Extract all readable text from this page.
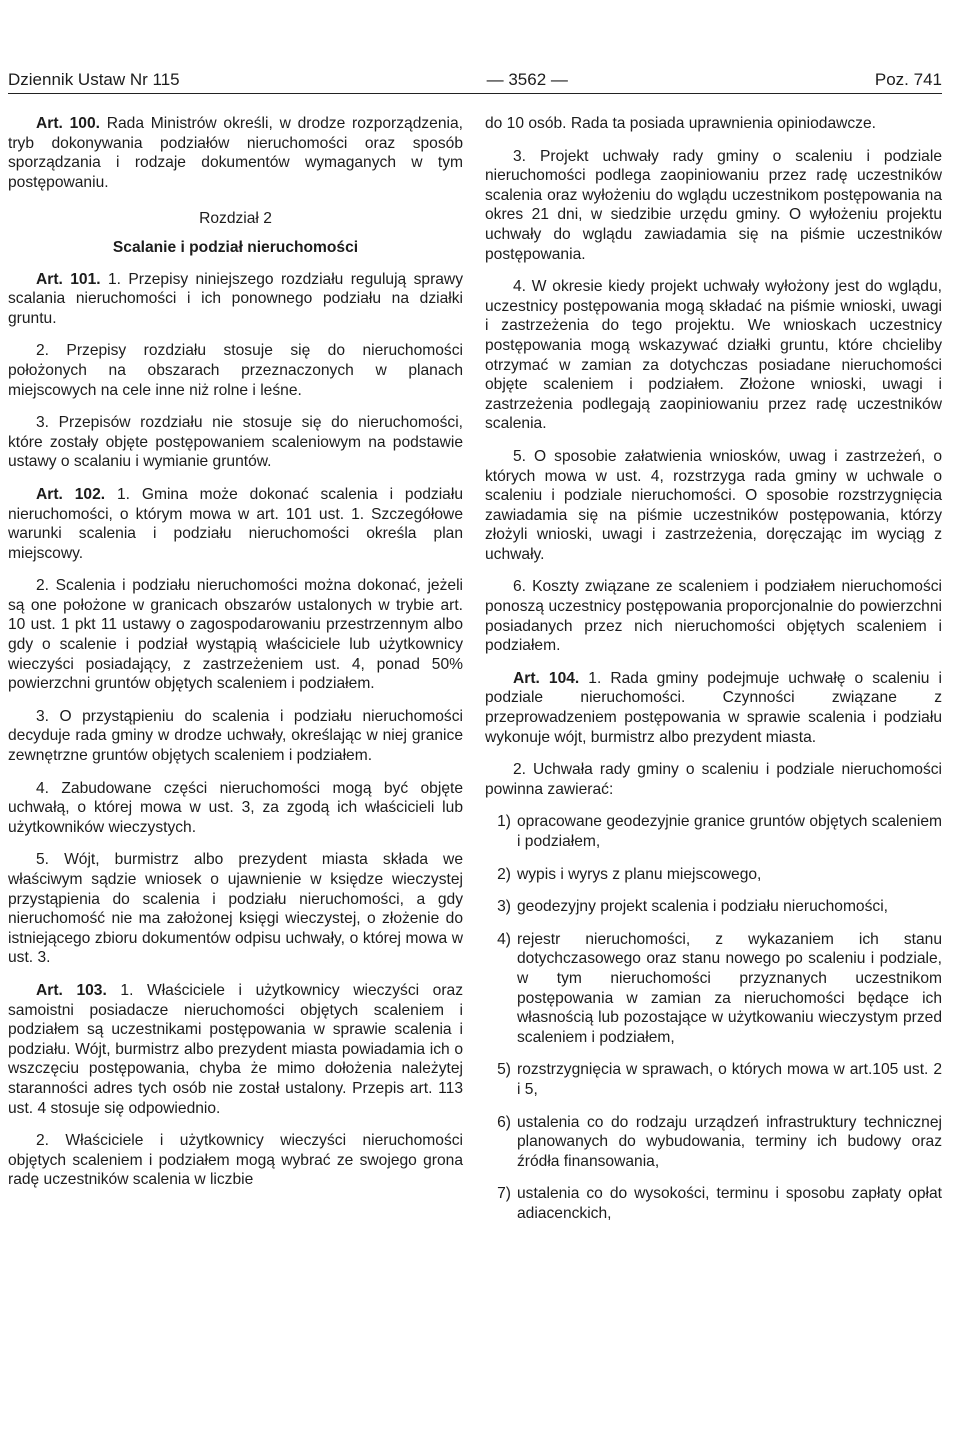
Dziennik Ustaw Nr 115	— 3562 —	Poz. 741

Art. 100. Rada Ministrów określi, w drodze rozporządzenia, tryb dokonywania podziałów nieruchomości oraz sposób sporządzania i rodzaje dokumentów wymaganych w tym postępowaniu.

Rozdział 2

Scalanie i podział nieruchomości

Art. 101. 1. Przepisy niniejszego rozdziału regulują sprawy scalania nieruchomości i ich ponownego podziału na działki gruntu.

2. Przepisy rozdziału stosuje się do nieruchomości położonych na obszarach przeznaczonych w planach miejscowych na cele inne niż rolne i leśne.

3. Przepisów rozdziału nie stosuje się do nieruchomości, które zostały objęte postępowaniem scaleniowym na podstawie ustawy o scalaniu i wymianie gruntów.

Art. 102. 1. Gmina może dokonać scalenia i podziału nieruchomości, o którym mowa w art. 101 ust. 1. Szczegółowe warunki scalenia i podziału nieruchomości określa plan miejscowy.

2. Scalenia i podziału nieruchomości można dokonać, jeżeli są one położone w granicach obszarów ustalonych w trybie art. 10 ust. 1 pkt 11 ustawy o zagospodarowaniu przestrzennym albo gdy o scalenie i podział wystąpią właściciele lub użytkownicy wieczyści posiadający, z zastrzeżeniem ust. 4, ponad 50% powierzchni gruntów objętych scaleniem i podziałem.

3. O przystąpieniu do scalenia i podziału nieruchomości decyduje rada gminy w drodze uchwały, określając w niej granice zewnętrzne gruntów objętych scaleniem i podziałem.

4. Zabudowane części nieruchomości mogą być objęte uchwałą, o której mowa w ust. 3, za zgodą ich właścicieli lub użytkowników wieczystych.

5. Wójt, burmistrz albo prezydent miasta składa we właściwym sądzie wniosek o ujawnienie w księdze wieczystej przystąpienia do scalenia i podziału nieruchomości, a gdy nieruchomość nie ma założonej księgi wieczystej, o złożenie do istniejącego zbioru dokumentów odpisu uchwały, o której mowa w ust. 3.

Art. 103. 1. Właściciele i użytkownicy wieczyści oraz samoistni posiadacze nieruchomości objętych scaleniem i podziałem są uczestnikami postępowania w sprawie scalenia i podziału. Wójt, burmistrz albo prezydent miasta powiadamia ich o wszczęciu postępowania, chyba że mimo dołożenia należytej staranności adres tych osób nie został ustalony. Przepis art. 113 ust. 4 stosuje się odpowiednio.

2. Właściciele i użytkownicy wieczyści nieruchomości objętych scaleniem i podziałem mogą wybrać ze swojego grona radę uczestników scalenia w liczbie

do 10 osób. Rada ta posiada uprawnienia opiniodawcze.

3. Projekt uchwały rady gminy o scaleniu i podziale nieruchomości podlega zaopiniowaniu przez radę uczestników scalenia oraz wyłożeniu do wglądu uczestnikom postępowania na okres 21 dni, w siedzibie urzędu gminy. O wyłożeniu projektu uchwały do wglądu zawiadamia się na piśmie uczestników postępowania.

4. W okresie kiedy projekt uchwały wyłożony jest do wglądu, uczestnicy postępowania mogą składać na piśmie wnioski, uwagi i zastrzeżenia do tego projektu. We wnioskach uczestnicy postępowania mogą wskazywać działki gruntu, które chcieliby otrzymać w zamian za dotychczas posiadane nieruchomości objęte scaleniem i podziałem. Złożone wnioski, uwagi i zastrzeżenia podlegają zaopiniowaniu przez radę uczestników scalenia.

5. O sposobie załatwienia wniosków, uwag i zastrzeżeń, o których mowa w ust. 4, rozstrzyga rada gminy w uchwale o scaleniu i podziale nieruchomości. O sposobie rozstrzygnięcia zawiadamia się na piśmie uczestników postępowania, którzy złożyli wnioski, uwagi i zastrzeżenia, doręczając im wyciąg z uchwały.

6. Koszty związane ze scaleniem i podziałem nieruchomości ponoszą uczestnicy postępowania proporcjonalnie do powierzchni posiadanych przez nich nieruchomości objętych scaleniem i podziałem.

Art. 104. 1. Rada gminy podejmuje uchwałę o scaleniu i podziale nieruchomości. Czynności związane z przeprowadzeniem postępowania w sprawie scalenia i podziału wykonuje wójt, burmistrz albo prezydent miasta.

2. Uchwała rady gminy o scaleniu i podziale nieruchomości powinna zawierać:

1) opracowane geodezyjnie granice gruntów objętych scaleniem i podziałem,
2) wypis i wyrys z planu miejscowego,
3) geodezyjny projekt scalenia i podziału nieruchomości,
4) rejestr nieruchomości, z wykazaniem ich stanu dotychczasowego oraz stanu nowego po scaleniu i podziale, w tym nieruchomości przyznanych uczestnikom postępowania w zamian za nieruchomości będące ich własnością lub pozostające w użytkowaniu wieczystym przed scaleniem i podziałem,
5) rozstrzygnięcia w sprawach, o których mowa w art.105 ust. 2 i 5,
6) ustalenia co do rodzaju urządzeń infrastruktury technicznej planowanych do wybudowania, terminy ich budowy oraz źródła finansowania,
7) ustalenia co do wysokości, terminu i sposobu zapłaty opłat adiacenckich,
